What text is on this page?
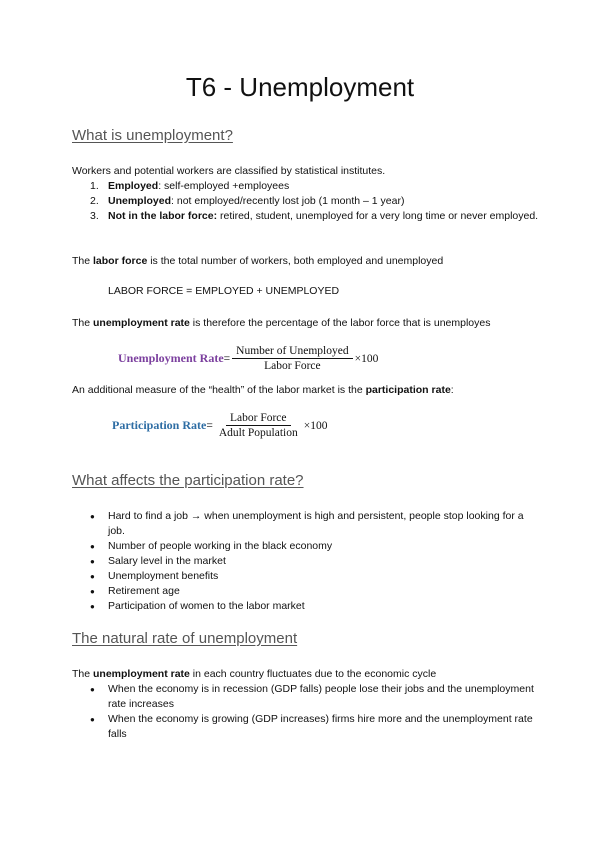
T6 - Unemployment
What is unemployment?

Workers and potential workers are classified by statistical institutes.

1. Employed: self-employed +employees
2. Unemployed: not employed/recently lost job (1 month – 1 year)
3. Not in the labor force: retired, student, unemployed for a very long time or never employed.

The labor force is the total number of workers, both employed and unemployed

LABOR FORCE = EMPLOYED + UNEMPLOYED

The unemployment rate is therefore the percentage of the labor force that is unemployes

Unemployment Rate = $\frac{\text{Number of Unemployed}}{\text{Labor Force}} \times 100$

An additional measure of the “health” of the labor market is the participation rate:

Participation Rate = $\frac{\text{Labor Force}}{\text{Adult Population}} \times 100$
What affects the participation rate?
● Hard to find a job → when unemployment is high and persistent, people stop looking for a job.
● Number of people working in the black economy
● Salary level in the market
● Unemployment benefits
● Retirement age
● Participation of women to the labor market
The natural rate of unemployment

The unemployment rate in each country fluctuates due to the economic cycle

● When the economy is in recession (GDP falls) people lose their jobs and the unemployment rate increases
● When the economy is growing (GDP increases) firms hire more and the unemployment rate falls
